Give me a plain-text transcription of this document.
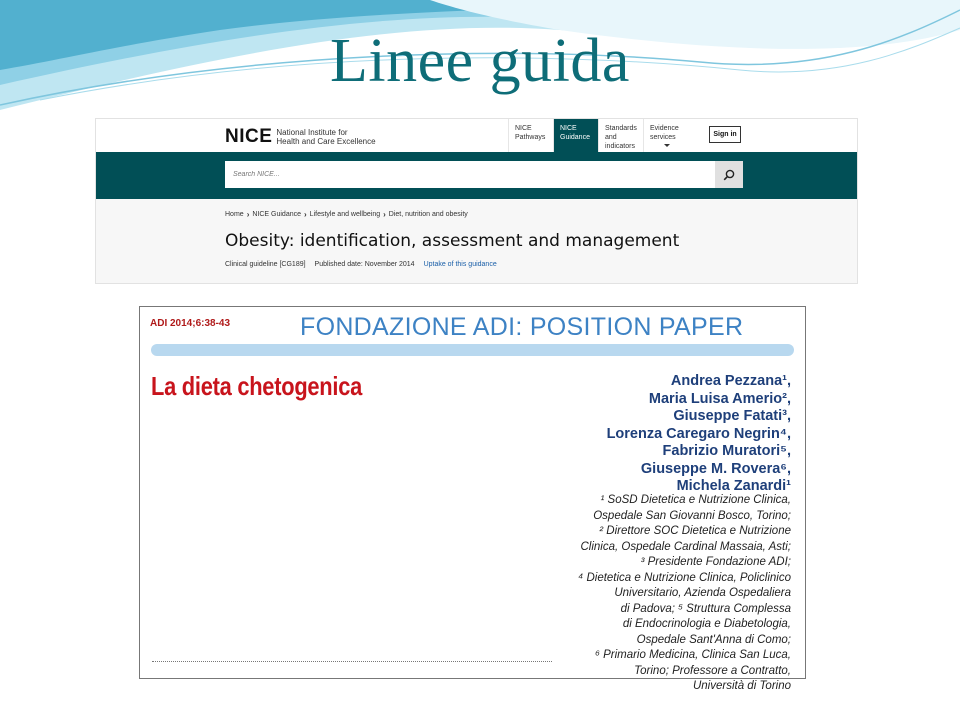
Linee guida
NICE National Institute for
Health and Care Excellence
NICE
Pathways
NICE
Guidance
Standards
and indicators
Evidence
services	Sign in
Search NICE...
Home › NICE Guidance › Lifestyle and wellbeing › Diet, nutrition and obesity
Obesity: identification, assessment and management
Clinical guideline [CG189] Published date: November 2014 Uptake of this guidance
ADI 2014;6:38-43	FONDAZIONE ADI: POSITION PAPER
La dieta chetogenica	Andrea Pezzana¹,
Maria Luisa Amerio²,
Giuseppe Fatati³,
Lorenza Caregaro Negrin⁴,
Fabrizio Muratori⁵,
Giuseppe M. Rovera⁶,
Michela Zanardi¹
¹ SoSD Dietetica e Nutrizione Clinica,
Ospedale San Giovanni Bosco, Torino;
² Direttore SOC Dietetica e Nutrizione
Clinica, Ospedale Cardinal Massaia, Asti;
³ Presidente Fondazione ADI;
⁴ Dietetica e Nutrizione Clinica, Policlinico
Universitario, Azienda Ospedaliera
di Padova; ⁵ Struttura Complessa
di Endocrinologia e Diabetologia,
Ospedale Sant'Anna di Como;
⁶ Primario Medicina, Clinica San Luca,
Torino; Professore a Contratto,
Università di Torino
